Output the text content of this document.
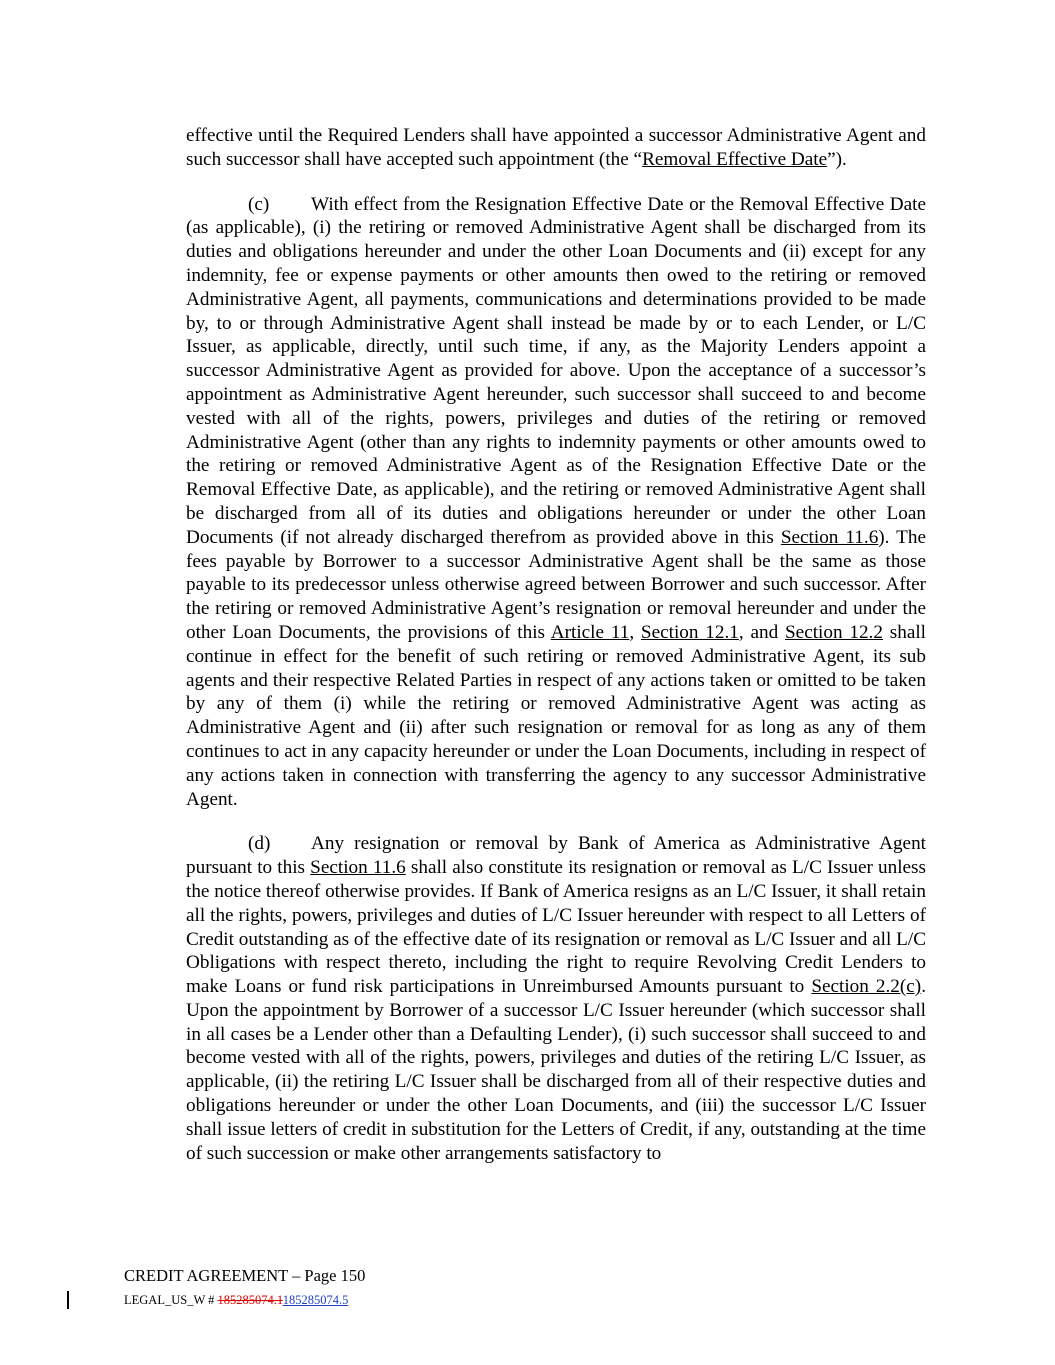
effective until the Required Lenders shall have appointed a successor Administrative Agent and such successor shall have accepted such appointment (the “Removal Effective Date”).

(c) With effect from the Resignation Effective Date or the Removal Effective Date (as applicable), (i) the retiring or removed Administrative Agent shall be discharged from its duties and obligations hereunder and under the other Loan Documents and (ii) except for any indemnity, fee or expense payments or other amounts then owed to the retiring or removed Administrative Agent, all payments, communications and determinations provided to be made by, to or through Administrative Agent shall instead be made by or to each Lender, or L/C Issuer, as applicable, directly, until such time, if any, as the Majority Lenders appoint a successor Administrative Agent as provided for above. Upon the acceptance of a successor’s appointment as Administrative Agent hereunder, such successor shall succeed to and become vested with all of the rights, powers, privileges and duties of the retiring or removed Administrative Agent (other than any rights to indemnity payments or other amounts owed to the retiring or removed Administrative Agent as of the Resignation Effective Date or the Removal Effective Date, as applicable), and the retiring or removed Administrative Agent shall be discharged from all of its duties and obligations hereunder or under the other Loan Documents (if not already discharged therefrom as provided above in this Section 11.6). The fees payable by Borrower to a successor Administrative Agent shall be the same as those payable to its predecessor unless otherwise agreed between Borrower and such successor. After the retiring or removed Administrative Agent’s resignation or removal hereunder and under the other Loan Documents, the provisions of this Article 11, Section 12.1, and Section 12.2 shall continue in effect for the benefit of such retiring or removed Administrative Agent, its sub agents and their respective Related Parties in respect of any actions taken or omitted to be taken by any of them (i) while the retiring or removed Administrative Agent was acting as Administrative Agent and (ii) after such resignation or removal for as long as any of them continues to act in any capacity hereunder or under the Loan Documents, including in respect of any actions taken in connection with transferring the agency to any successor Administrative Agent.

(d) Any resignation or removal by Bank of America as Administrative Agent pursuant to this Section 11.6 shall also constitute its resignation or removal as L/C Issuer unless the notice thereof otherwise provides. If Bank of America resigns as an L/C Issuer, it shall retain all the rights, powers, privileges and duties of L/C Issuer hereunder with respect to all Letters of Credit outstanding as of the effective date of its resignation or removal as L/C Issuer and all L/C Obligations with respect thereto, including the right to require Revolving Credit Lenders to make Loans or fund risk participations in Unreimbursed Amounts pursuant to Section 2.2(c). Upon the appointment by Borrower of a successor L/C Issuer hereunder (which successor shall in all cases be a Lender other than a Defaulting Lender), (i) such successor shall succeed to and become vested with all of the rights, powers, privileges and duties of the retiring L/C Issuer, as applicable, (ii) the retiring L/C Issuer shall be discharged from all of their respective duties and obligations hereunder or under the other Loan Documents, and (iii) the successor L/C Issuer shall issue letters of credit in substitution for the Letters of Credit, if any, outstanding at the time of such succession or make other arrangements satisfactory to

CREDIT AGREEMENT – Page 150
LEGAL_US_W # 185285074.1185285074.5
